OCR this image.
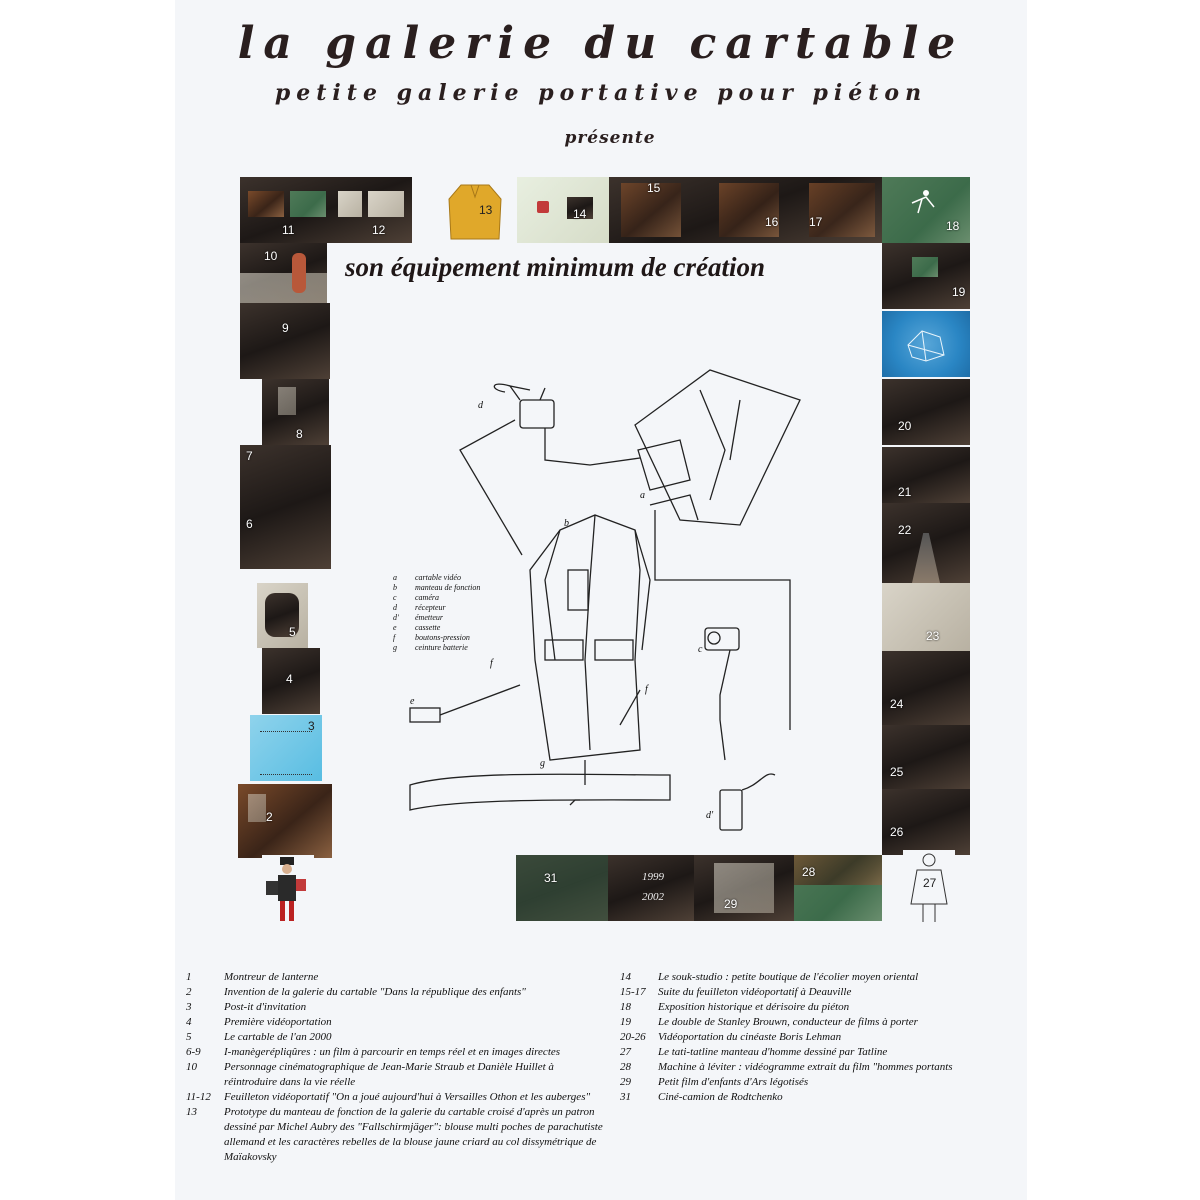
la galerie du cartable
petite galerie portative pour piéton
présente
11	12
13	14
15
16	17	18
10
9
8
7
6
5
4
3
2
19
20
21
22
23
24
25
26
31	1999
2002	29
28
27
son équipement minimum de création
a
b
c
d
d'
e
f
f
g
a	cartable vidéo
b	manteau de fonction
c	caméra
d	récepteur
d'	émetteur
e	cassette
f	boutons-pression
g	ceinture batterie
1	Montreur de lanterne
2	Invention de la galerie du cartable "Dans la république des enfants"
3	Post-it d'invitation
4	Première vidéoportation
5	Le cartable de l'an 2000
6-9	I-manègerépliqûres : un film à parcourir en temps réel et en images directes
10	Personnage cinématographique de Jean-Marie Straub et Danièle Huillet à réintroduire dans la vie réelle
11-12	Feuilleton vidéoportatif "On a joué aujourd'hui à Versailles Othon et les auberges"
13	Prototype du manteau de fonction de la galerie du cartable croisé d'après un patron dessiné par Michel Aubry des "Fallschirmjäger": blouse multi poches de parachutiste allemand et les caractères rebelles de la blouse jaune criard au col dissymétrique de Maïakovsky
14	Le souk-studio : petite boutique de l'écolier moyen oriental
15-17	Suite du feuilleton vidéoportatif à Deauville
18	Exposition historique et dérisoire du piéton
19	Le double de Stanley Brouwn, conducteur de films à porter
20-26	Vidéoportation du cinéaste Boris Lehman
27	Le tati-tatline manteau d'homme dessiné par Tatline
28	Machine à léviter : vidéogramme extrait du film "hommes portants
29	Petit film d'enfants d'Ars légotisés
31	Ciné-camion de Rodtchenko
